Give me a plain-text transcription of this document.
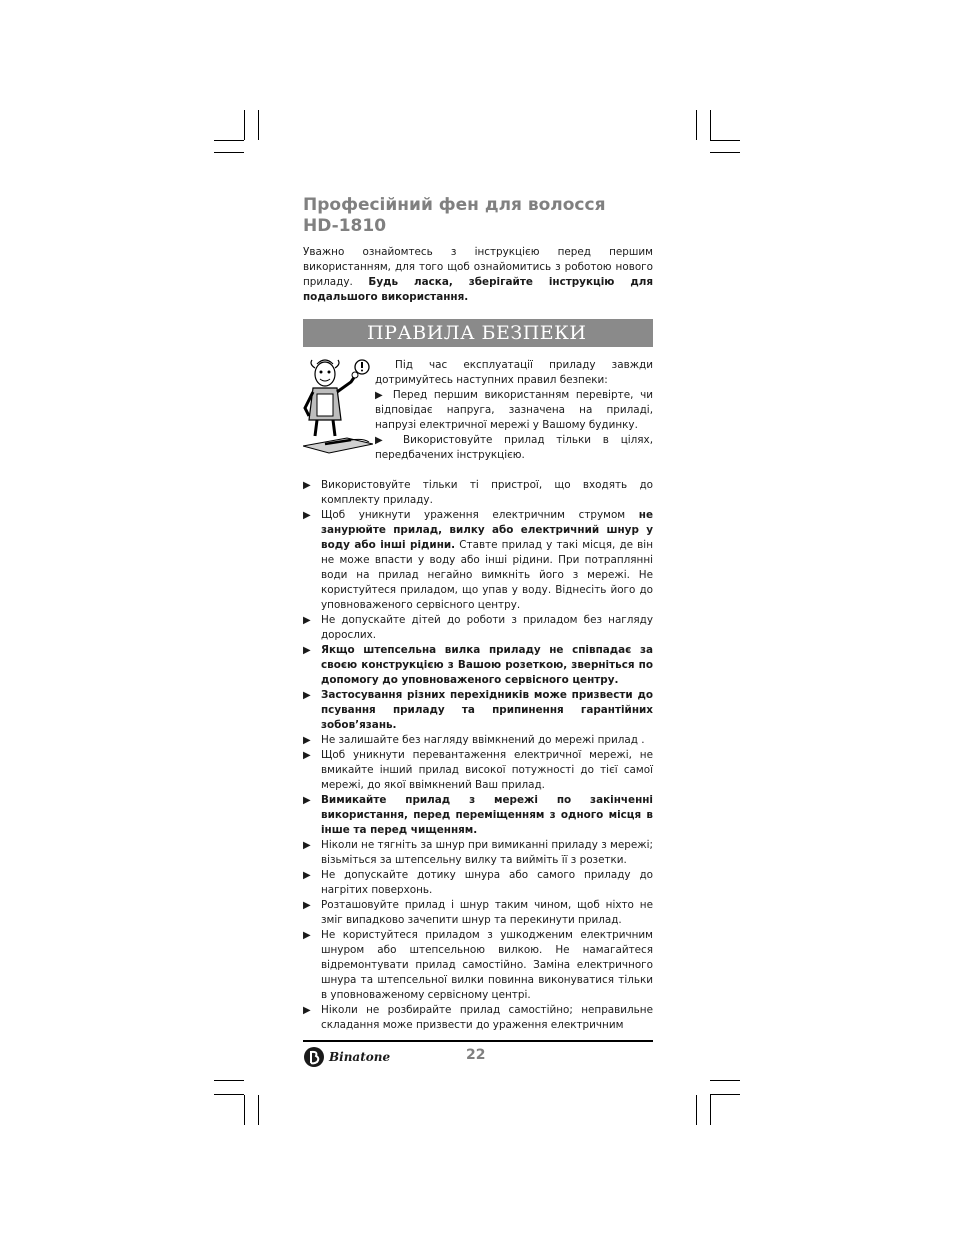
Професійний фен для волосся
HD-1810
Уважно ознайомтесь з інструкцією перед першим використанням, для того щоб ознайомитись з роботою нового приладу. Будь ласка, зберігайте інструкцію для подальшого використання.
ПРАВИЛА БЕЗПЕКИ
Під час експлуатації приладу завжди дотримуйтесь наступних правил безпеки:
▶ Перед першим використанням перевірте, чи відповідає напруга, зазначена на приладі, напрузі електричної мережі у Вашому будинку.
▶ Використовуйте прилад тільки в цілях, передбачених інструкцією.
▶ Використовуйте тільки ті пристрої, що входять до комплекту приладу.
▶ Щоб уникнути ураження електричним струмом не занурюйте прилад, вилку або електричний шнур у воду або інші рідини. Ставте прилад у такі місця, де він не може впасти у воду або інші рідини. При потраплянні води на прилад негайно вимкніть його з мережі. Не користуйтеся приладом, що упав у воду. Віднесіть його до уповноваженого сервісного центру.
▶ Не допускайте дітей до роботи з приладом без нагляду дорослих.
▶ Якщо штепсельна вилка приладу не співпадає за своєю конструкцією з Вашою розеткою, зверніться по допомогу до уповноваженого сервісного центру.
▶ Застосування різних перехідників може призвести до псування приладу та припинення гарантійних зобов’язань.
▶ Не залишайте без нагляду ввімкнений до мережі прилад .
▶ Щоб уникнути перевантаження електричної мережі, не вмикайте інший прилад високої потужності до тієї самої мережі, до якої ввімкнений Ваш прилад.
▶ Вимикайте прилад з мережі по закінченні використання, перед переміщенням з одного місця в інше та перед чищенням.
▶ Ніколи не тягніть за шнур при вимиканні приладу з мережі; візьміться за штепсельну вилку та вийміть її з розетки.
▶ Не допускайте дотику шнура або самого приладу до нагрітих поверхонь.
▶ Розташовуйте прилад і шнур таким чином, щоб ніхто не зміг випадково зачепити шнур та перекинути прилад.
▶ Не користуйтеся приладом з ушкодженим електричним шнуром або штепсельною вилкою. Не намагайтеся відремонтувати прилад самостійно. Заміна електричного шнура та штепсельної вилки повинна виконуватися тільки в уповноваженому сервісному центрі.
▶ Ніколи не розбирайте прилад самостійно; неправильне складання може призвести до ураження електричним
Binatone	22
